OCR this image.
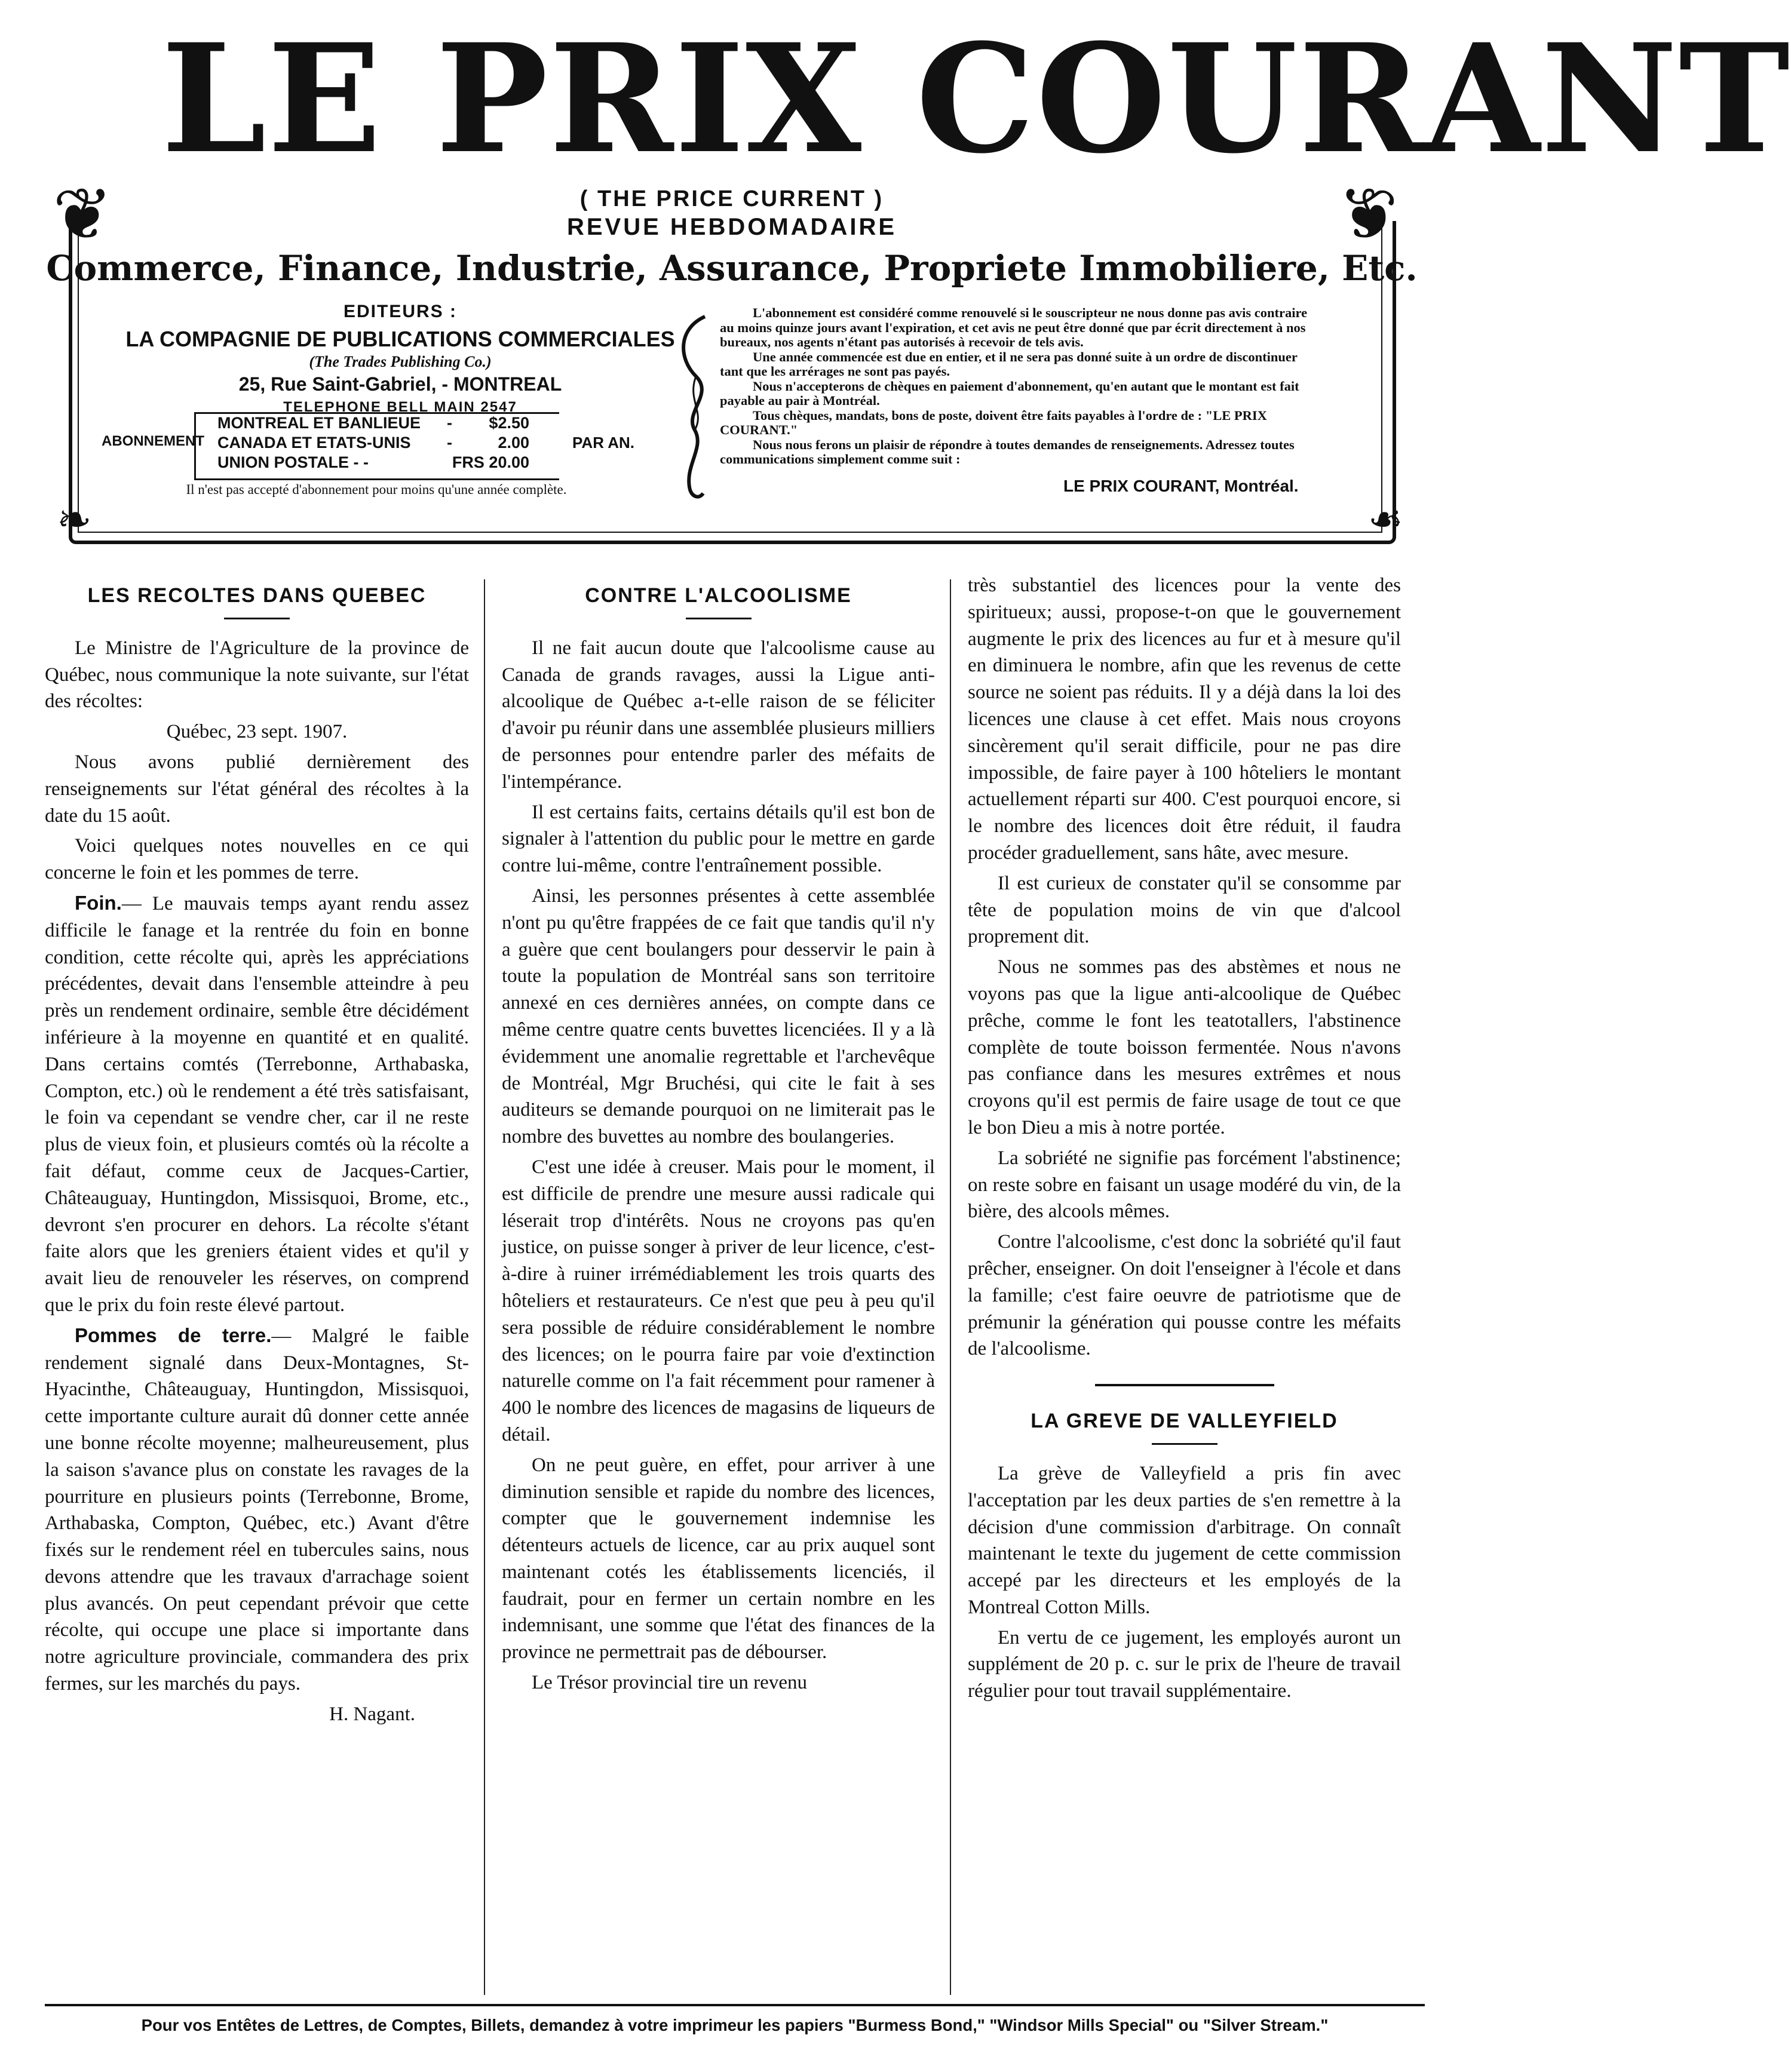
LE PRIX COURANT
❦	❦
❧	❧
( THE PRICE CURRENT )
REVUE HEBDOMADAIRE
Commerce, Finance, Industrie, Assurance, Propriete Immobiliere, Etc.
EDITEURS :
LA COMPAGNIE DE PUBLICATIONS COMMERCIALES
(The Trades Publishing Co.)
25, Rue Saint-Gabriel, - MONTREAL
TELEPHONE BELL MAIN 2547
ABONNEMENT
MONTREAL ET BANLIEUE - $2.50
CANADA ET ETATS-UNIS -	2.00
UNION POSTALE - -	FRS 20.00
PAR AN.
Il n'est pas accepté d'abonnement pour moins qu'une année complète.

L'abonnement est considéré comme renouvelé si le souscripteur ne nous donne pas avis contraire au moins quinze jours avant l'expiration, et cet avis ne peut être donné que par écrit directement à nos bureaux, nos agents n'étant pas autorisés à recevoir de tels avis.

Une année commencée est due en entier, et il ne sera pas donné suite à un ordre de discontinuer tant que les arrérages ne sont pas payés.

Nous n'accepterons de chèques en paiement d'abonnement, qu'en autant que le montant est fait payable au pair à Montréal.

Tous chèques, mandats, bons de poste, doivent être faits payables à l'ordre de : "LE PRIX COURANT."

Nous nous ferons un plaisir de répondre à toutes demandes de renseignements. Adressez toutes communications simplement comme suit :

LE PRIX COURANT, Montréal.
LES RECOLTES DANS QUEBEC

Le Ministre de l'Agriculture de la province de Québec, nous communique la note suivante, sur l'état des récoltes:

Québec, 23 sept. 1907.

Nous avons publié dernièrement des renseignements sur l'état général des récoltes à la date du 15 août.

Voici quelques notes nouvelles en ce qui concerne le foin et les pommes de terre.

Foin.— Le mauvais temps ayant rendu assez difficile le fanage et la rentrée du foin en bonne condition, cette récolte qui, après les appréciations précédentes, devait dans l'ensemble atteindre à peu près un rendement ordinaire, semble être décidément inférieure à la moyenne en quantité et en qualité. Dans certains comtés (Terrebonne, Arthabaska, Compton, etc.) où le rendement a été très satisfaisant, le foin va cependant se vendre cher, car il ne reste plus de vieux foin, et plusieurs comtés où la récolte a fait défaut, comme ceux de Jacques-Cartier, Châteauguay, Huntingdon, Missisquoi, Brome, etc., devront s'en procurer en dehors. La récolte s'étant faite alors que les greniers étaient vides et qu'il y avait lieu de renouveler les réserves, on comprend que le prix du foin reste élevé partout.

Pommes de terre.— Malgré le faible rendement signalé dans Deux-Montagnes, St-Hyacinthe, Châteauguay, Huntingdon, Missisquoi, cette importante culture aurait dû donner cette année une bonne récolte moyenne; malheureusement, plus la saison s'avance plus on constate les ravages de la pourriture en plusieurs points (Terrebonne, Brome, Arthabaska, Compton, Québec, etc.) Avant d'être fixés sur le rendement réel en tubercules sains, nous devons attendre que les travaux d'arrachage soient plus avancés. On peut cependant prévoir que cette récolte, qui occupe une place si importante dans notre agriculture provinciale, commandera des prix fermes, sur les marchés du pays.

H. Nagant.

CONTRE L'ALCOOLISME

Il ne fait aucun doute que l'alcoolisme cause au Canada de grands ravages, aussi la Ligue anti-alcoolique de Québec a-t-elle raison de se féliciter d'avoir pu réunir dans une assemblée plusieurs milliers de personnes pour entendre parler des méfaits de l'intempérance.

Il est certains faits, certains détails qu'il est bon de signaler à l'attention du public pour le mettre en garde contre lui-même, contre l'entraînement possible.

Ainsi, les personnes présentes à cette assemblée n'ont pu qu'être frappées de ce fait que tandis qu'il n'y a guère que cent boulangers pour desservir le pain à toute la population de Montréal sans son territoire annexé en ces dernières années, on compte dans ce même centre quatre cents buvettes licenciées. Il y a là évidemment une anomalie regrettable et l'archevêque de Montréal, Mgr Bruchési, qui cite le fait à ses auditeurs se demande pourquoi on ne limiterait pas le nombre des buvettes au nombre des boulangeries.

C'est une idée à creuser. Mais pour le moment, il est difficile de prendre une mesure aussi radicale qui léserait trop d'intérêts. Nous ne croyons pas qu'en justice, on puisse songer à priver de leur licence, c'est-à-dire à ruiner irrémédiablement les trois quarts des hôteliers et restaurateurs. Ce n'est que peu à peu qu'il sera possible de réduire considérablement le nombre des licences; on le pourra faire par voie d'extinction naturelle comme on l'a fait récemment pour ramener à 400 le nombre des licences de magasins de liqueurs de détail.

On ne peut guère, en effet, pour arriver à une diminution sensible et rapide du nombre des licences, compter que le gouvernement indemnise les détenteurs actuels de licence, car au prix auquel sont maintenant cotés les établissements licenciés, il faudrait, pour en fermer un certain nombre en les indemnisant, une somme que l'état des finances de la province ne permettrait pas de débourser.

Le Trésor provincial tire un revenu

très substantiel des licences pour la vente des spiritueux; aussi, propose-t-on que le gouvernement augmente le prix des licences au fur et à mesure qu'il en diminuera le nombre, afin que les revenus de cette source ne soient pas réduits. Il y a déjà dans la loi des licences une clause à cet effet. Mais nous croyons sincèrement qu'il serait difficile, pour ne pas dire impossible, de faire payer à 100 hôteliers le montant actuellement réparti sur 400. C'est pourquoi encore, si le nombre des licences doit être réduit, il faudra procéder graduellement, sans hâte, avec mesure.

Il est curieux de constater qu'il se consomme par tête de population moins de vin que d'alcool proprement dit.

Nous ne sommes pas des abstèmes et nous ne voyons pas que la ligue anti-alcoolique de Québec prêche, comme le font les teatotallers, l'abstinence complète de toute boisson fermentée. Nous n'avons pas confiance dans les mesures extrêmes et nous croyons qu'il est permis de faire usage de tout ce que le bon Dieu a mis à notre portée.

La sobriété ne signifie pas forcément l'abstinence; on reste sobre en faisant un usage modéré du vin, de la bière, des alcools mêmes.

Contre l'alcoolisme, c'est donc la sobriété qu'il faut prêcher, enseigner. On doit l'enseigner à l'école et dans la famille; c'est faire oeuvre de patriotisme que de prémunir la génération qui pousse contre les méfaits de l'alcoolisme.

LA GREVE DE VALLEYFIELD

La grève de Valleyfield a pris fin avec l'acceptation par les deux parties de s'en remettre à la décision d'une commission d'arbitrage. On connaît maintenant le texte du jugement de cette commission accepé par les directeurs et les employés de la Montreal Cotton Mills.

En vertu de ce jugement, les employés auront un supplément de 20 p. c. sur le prix de l'heure de travail régulier pour tout travail supplémentaire.

Pour vos Entêtes de Lettres, de Comptes, Billets, demandez à votre imprimeur les papiers "Burmess Bond," "Windsor Mills Special" ou "Silver Stream."
